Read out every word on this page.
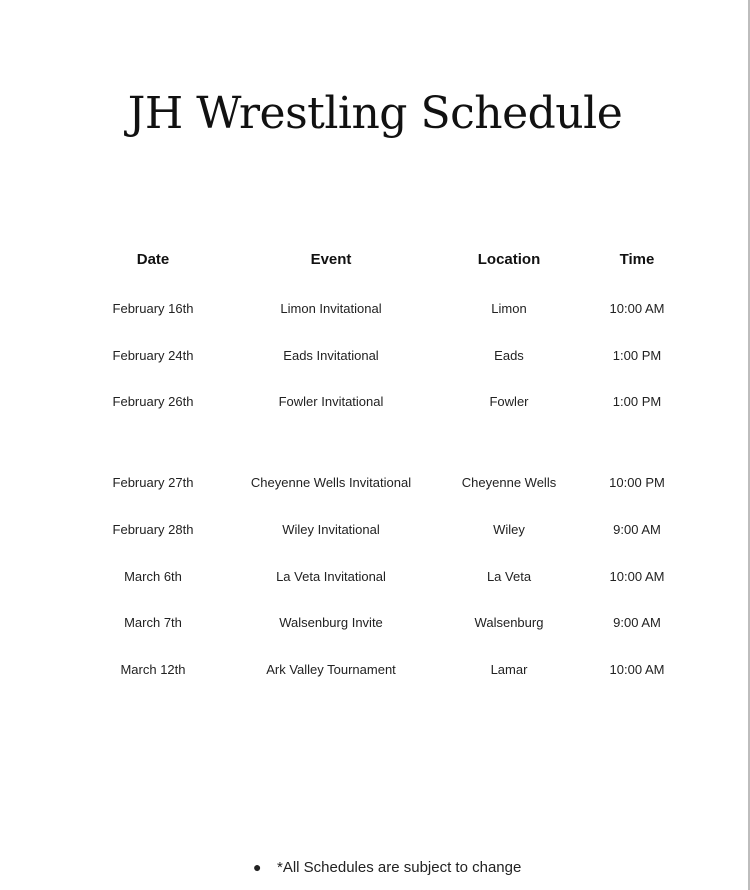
JH Wrestling Schedule
Date	Event	Location	Time
February 16th	Limon Invitational	Limon	10:00 AM
February 24th	Eads Invitational	Eads	1:00 PM
February 26th	Fowler Invitational	Fowler	1:00 PM
February 27th	Cheyenne Wells Invitational	Cheyenne Wells	10:00 PM
February 28th	Wiley Invitational	Wiley	9:00 AM
March 6th	La Veta Invitational	La Veta	10:00 AM
March 7th	Walsenburg Invite	Walsenburg	9:00 AM
March 12th	Ark Valley Tournament	Lamar	10:00 AM
● *All Schedules are subject to change
